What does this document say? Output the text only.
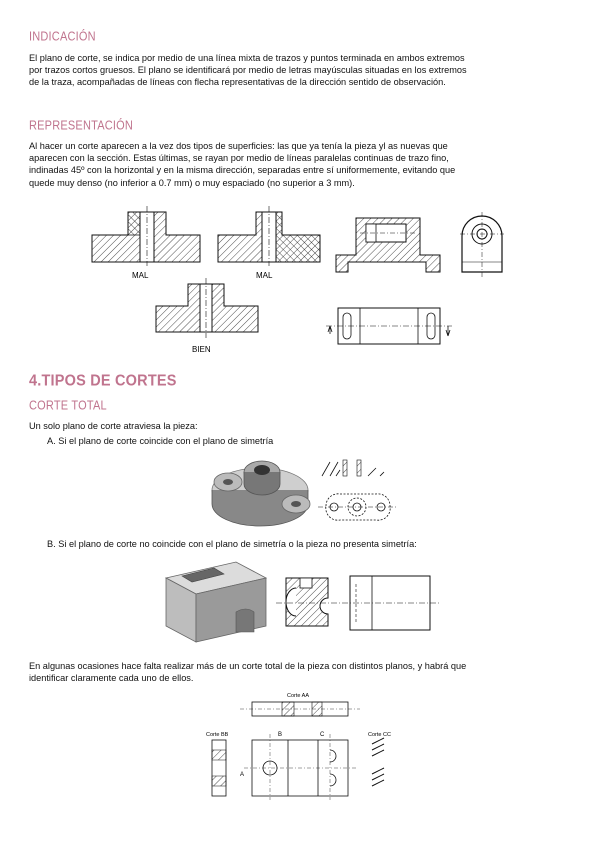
INDICACIÓN
El plano de corte, se indica por medio de una línea mixta de trazos y puntos terminada en ambos extremos
por trazos cortos gruesos. El plano se identificará por medio de letras mayúsculas situadas en los extremos
de la traza, acompañadas de líneas con flecha representativas de la dirección sentido de observación.
REPRESENTACIÓN
Al hacer un corte aparecen a la vez dos tipos de superficies: las que ya tenía la pieza yl as nuevas que
aparecen con la sección. Estas últimas, se rayan por medio de líneas paralelas continuas de trazo fino,
indinadas 45º con la horizontal y en la misma dirección, separadas entre sí uniformemente, evitando que
quede muy denso (no inferior a 0.7 mm) o muy espaciado (no superior a 3 mm).
MAL	MAL
BIEN
4.TIPOS DE CORTES
CORTE TOTAL
Un solo plano de corte atraviesa la pieza:
A. Si el plano de corte coincide con el plano de simetría
B. Si el plano de corte no coincide con el plano de simetría o la pieza no presenta simetría:
En algunas ocasiones hace falta realizar más de un corte total de la pieza con distintos planos, y habrá que
identificar claramente cada uno de ellos.
Corte AA
Corte BB	Corte CC
A
B	C
